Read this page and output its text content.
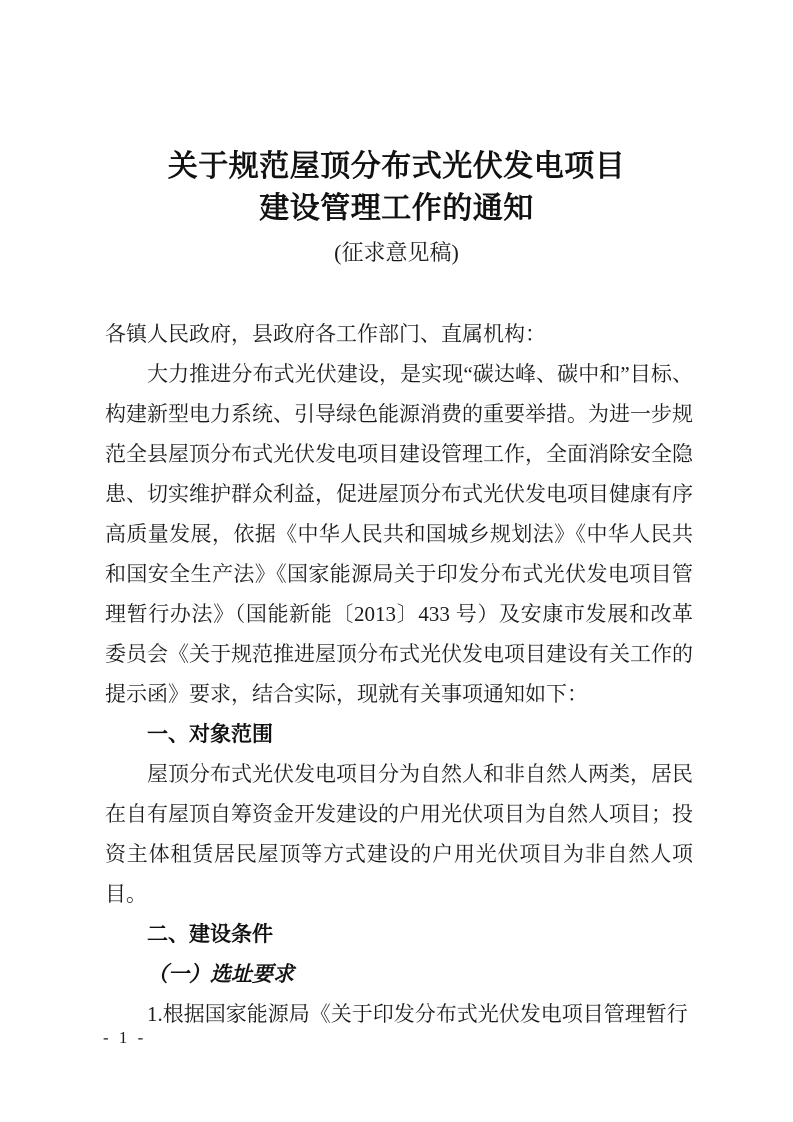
关于规范屋顶分布式光伏发电项目
建设管理工作的通知
(征求意见稿)

各镇人民政府，县政府各工作部门、直属机构：

大力推进分布式光伏建设，是实现“碳达峰、碳中和”目标、构建新型电力系统、引导绿色能源消费的重要举措。为进一步规范全县屋顶分布式光伏发电项目建设管理工作，全面消除安全隐患、切实维护群众利益，促进屋顶分布式光伏发电项目健康有序高质量发展，依据《中华人民共和国城乡规划法》《中华人民共和国安全生产法》《国家能源局关于印发分布式光伏发电项目管理暂行办法》（国能新能〔2013〕433 号）及安康市发展和改革委员会《关于规范推进屋顶分布式光伏发电项目建设有关工作的提示函》要求，结合实际，现就有关事项通知如下：

一、对象范围

屋顶分布式光伏发电项目分为自然人和非自然人两类，居民在自有屋顶自筹资金开发建设的户用光伏项目为自然人项目；投资主体租赁居民屋顶等方式建设的户用光伏项目为非自然人项目。

二、建设条件
（一）选址要求

1.根据国家能源局《关于印发分布式光伏发电项目管理暂行

- 1 -
